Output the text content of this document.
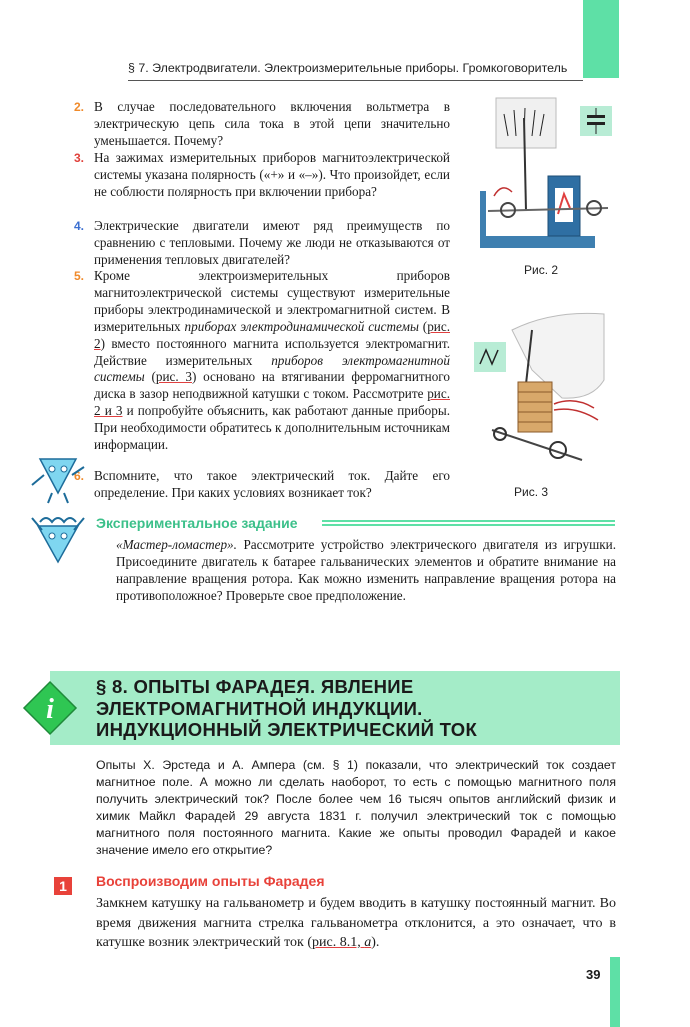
§ 7. Электродвигатели. Электроизмерительные приборы. Громкоговоритель
2. В случае последовательного включения вольтметра в электрическую цепь сила тока в этой цепи значительно уменьшается. Почему?
3. На зажимах измерительных приборов магнитоэлектрической системы указана полярность («+» и «–»). Что произойдет, если не соблюсти полярность при включении прибора?
4. Электрические двигатели имеют ряд преимуществ по сравнению с тепловыми. Почему же люди не отказываются от применения тепловых двигателей?
5. Кроме электроизмерительных приборов магнитоэлектрической системы существуют измерительные приборы электродинамической и электромагнитной систем. В измерительных приборах электродинамической системы (рис. 2) вместо постоянного магнита используется электромагнит. Действие измерительных приборов электромагнитной системы (рис. 3) основано на втягивании ферромагнитного диска в зазор неподвижной катушки с током. Рассмотрите рис. 2 и 3 и попробуйте объяснить, как работают данные приборы. При необходимости обратитесь к дополнительным источникам информации.
6. Вспомните, что такое электрический ток. Дайте его определение. При каких условиях возникает ток?
Рис. 2
Рис. 3
Экспериментальное задание
«Мастер-ломастер». Рассмотрите устройство электрического двигателя из игрушки. Присоедините двигатель к батарее гальванических элементов и обратите внимание на направление вращения ротора. Как можно изменить направление вращения ротора на противоположное? Проверьте свое предположение.
i
§ 8. ОПЫТЫ ФАРАДЕЯ. ЯВЛЕНИЕ
ЭЛЕКТРОМАГНИТНОЙ ИНДУКЦИИ.
ИНДУКЦИОННЫЙ ЭЛЕКТРИЧЕСКИЙ ТОК
Опыты Х. Эрстеда и А. Ампера (см. § 1) показали, что электрический ток создает магнитное поле. А можно ли сделать наоборот, то есть с помощью магнитного поля получить электрический ток? После более чем 16 тысяч опытов английский физик и химик Майкл Фарадей 29 августа 1831 г. получил электрический ток с помощью магнитного поля постоянного магнита. Какие же опыты проводил Фарадей и какое значение имело его открытие?
1	Воспроизводим опыты Фарадея
Замкнем катушку на гальванометр и будем вводить в катушку постоянный магнит. Во время движения магнита стрелка гальванометра отклонится, а это означает, что в катушке возник электрический ток (рис. 8.1, а).
39
